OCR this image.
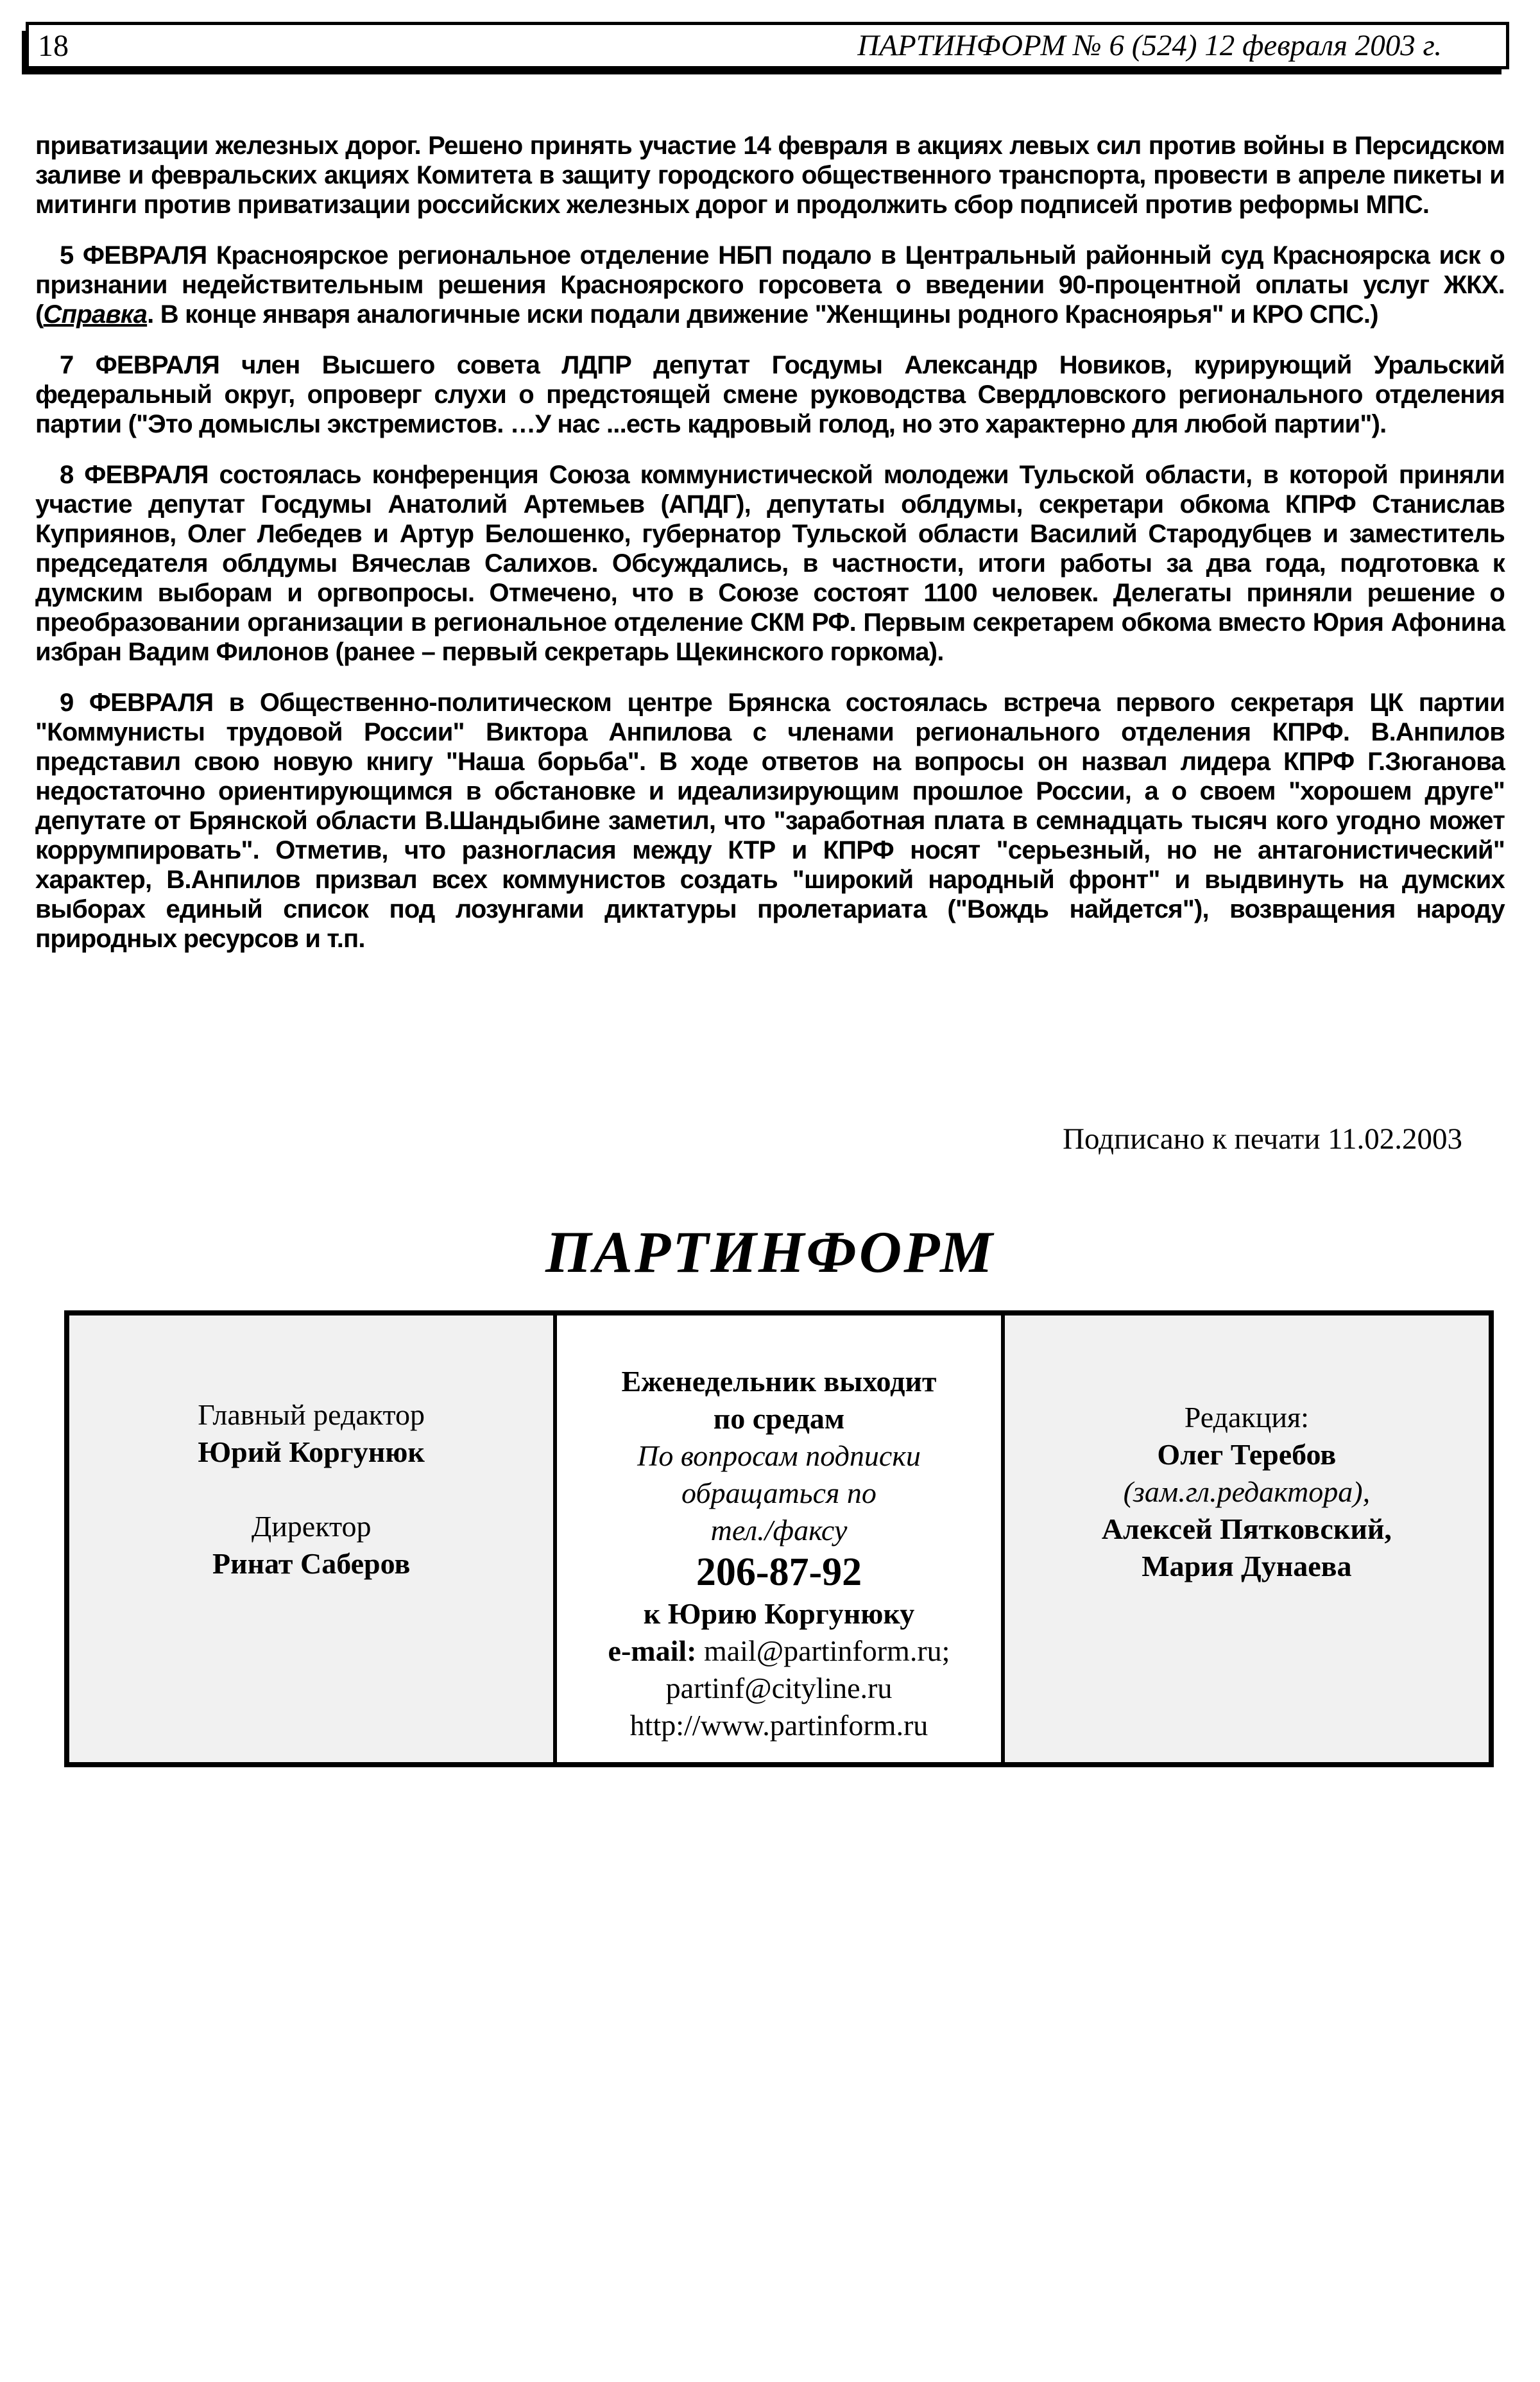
18	ПАРТИНФОРМ № 6 (524) 12 февраля 2003 г.

приватизации железных дорог. Решено принять участие 14 февраля в акциях левых сил против войны в Персидском заливе и февральских акциях Комитета в защиту городского общественного транспорта, провести в апреле пикеты и митинги против приватизации российских железных дорог и продолжить сбор подписей против реформы МПС.

5 ФЕВРАЛЯ Красноярское региональное отделение НБП подало в Центральный районный суд Красноярска иск о признании недействительным решения Красноярского горсовета о введении 90-процентной оплаты услуг ЖКХ. (Справка. В конце января аналогичные иски подали движение "Женщины родного Красноярья" и КРО СПС.)

7 ФЕВРАЛЯ член Высшего совета ЛДПР депутат Госдумы Александр Новиков, курирующий Уральский федеральный округ, опроверг слухи о предстоящей смене руководства Свердловского регионального отделения партии ("Это домыслы экстремистов. …У нас ...есть кадровый голод, но это характерно для любой партии").

8 ФЕВРАЛЯ состоялась конференция Союза коммунистической молодежи Тульской области, в которой приняли участие депутат Госдумы Анатолий Артемьев (АПДГ), депутаты облдумы, секретари обкома КПРФ Станислав Куприянов, Олег Лебедев и Артур Белошенко, губернатор Тульской области Василий Стародубцев и заместитель председателя облдумы Вячеслав Салихов. Обсуждались, в частности, итоги работы за два года, подготовка к думским выборам и оргвопросы. Отмечено, что в Союзе состоят 1100 человек. Делегаты приняли решение о преобразовании организации в региональное отделение СКМ РФ. Первым секретарем обкома вместо Юрия Афонина избран Вадим Филонов (ранее – первый секретарь Щекинского горкома).

9 ФЕВРАЛЯ в Общественно-политическом центре Брянска состоялась встреча первого секретаря ЦК партии "Коммунисты трудовой России" Виктора Анпилова с членами регионального отделения КПРФ. В.Анпилов представил свою новую книгу "Наша борьба". В ходе ответов на вопросы он назвал лидера КПРФ Г.Зюганова недостаточно ориентирующимся в обстановке и идеализирующим прошлое России, а о своем "хорошем друге" депутате от Брянской области В.Шандыбине заметил, что "заработная плата в семнадцать тысяч кого угодно может коррумпировать". Отметив, что разногласия между КТР и КПРФ носят "серьезный, но не антагонистический" характер, В.Анпилов призвал всех коммунистов создать "широкий народный фронт" и выдвинуть на думских выборах единый список под лозунгами диктатуры пролетариата ("Вождь найдется"), возвращения народу природных ресурсов и т.п.

Подписано к печати 11.02.2003
ПАРТИНФОРМ
Главный редактор
Юрий Коргунюк

Директор
Ринат Саберов
Еженедельник выходит
по средам
По вопросам подписки
обращаться по
тел./факсу
206-87-92
к Юрию Коргунюку
e-mail: mail@partinform.ru;
partinf@cityline.ru
http://www.partinform.ru
Редакция:
Олег Теребов
(зам.гл.редактора),
Алексей Пятковский,
Мария Дунаева
